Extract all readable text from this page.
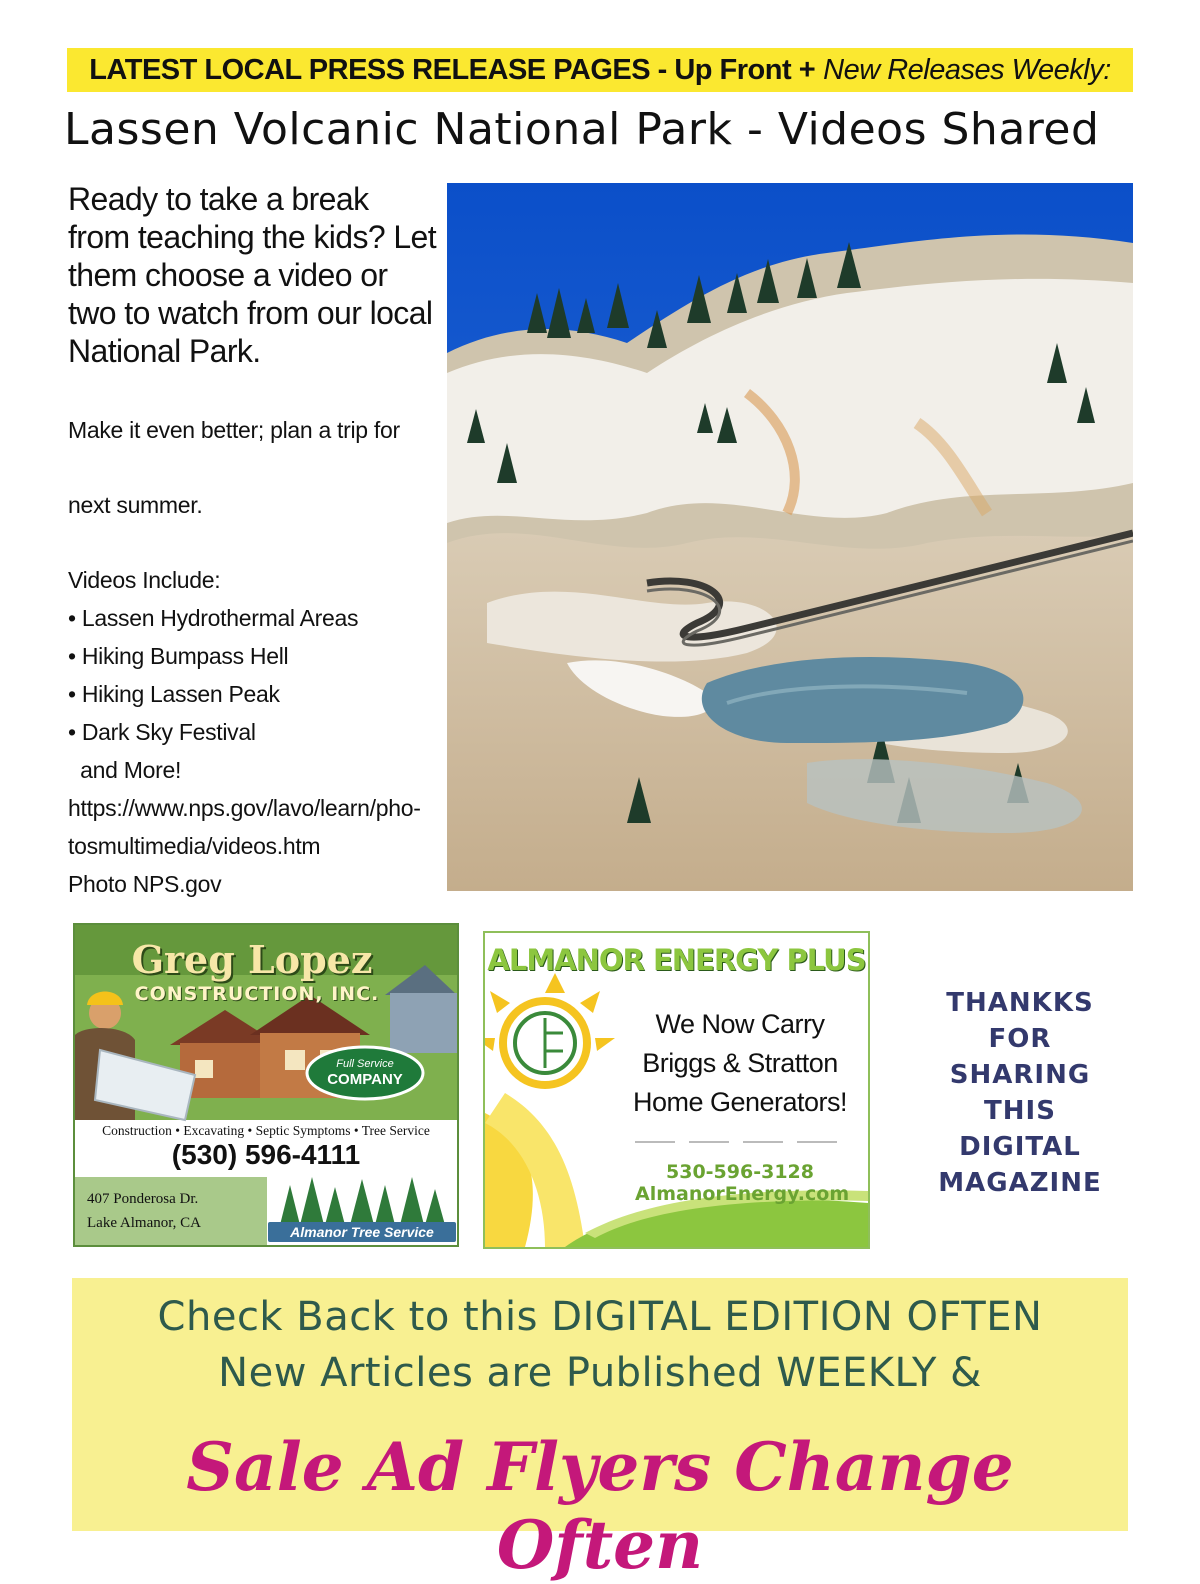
LATEST LOCAL PRESS RELEASE PAGES - Up Front + New Releases Weekly:
Lassen Volcanic National Park - Videos Shared
Ready to take a break
from teaching the kids? Let
them choose a video or
two to watch from our local
National Park.
Make it even better; plan a trip for
next summer.
Videos Include:
• Lassen Hydrothermal Areas
• Hiking Bumpass Hell
• Hiking Lassen Peak
• Dark Sky Festival
and More!
https://www.nps.gov/lavo/learn/pho-
tosmultimedia/videos.htm
Photo NPS.gov
Greg Lopez
CONSTRUCTION, INC.
Full Service
COMPANY
Construction • Excavating • Septic Symptoms • Tree Service
(530) 596-4111
407 Ponderosa Dr.
Lake Almanor, CA
Almanor Tree Service
ALMANOR ENERGY PLUS
We Now Carry
Briggs & Stratton
Home Generators!
530-596-3128
AlmanorEnergy.com
THANKKS
FOR
SHARING
THIS
DIGITAL
MAGAZINE
Check Back to this DIGITAL EDITION OFTEN
New Articles are Published WEEKLY &
Sale Ad Flyers Change Often
